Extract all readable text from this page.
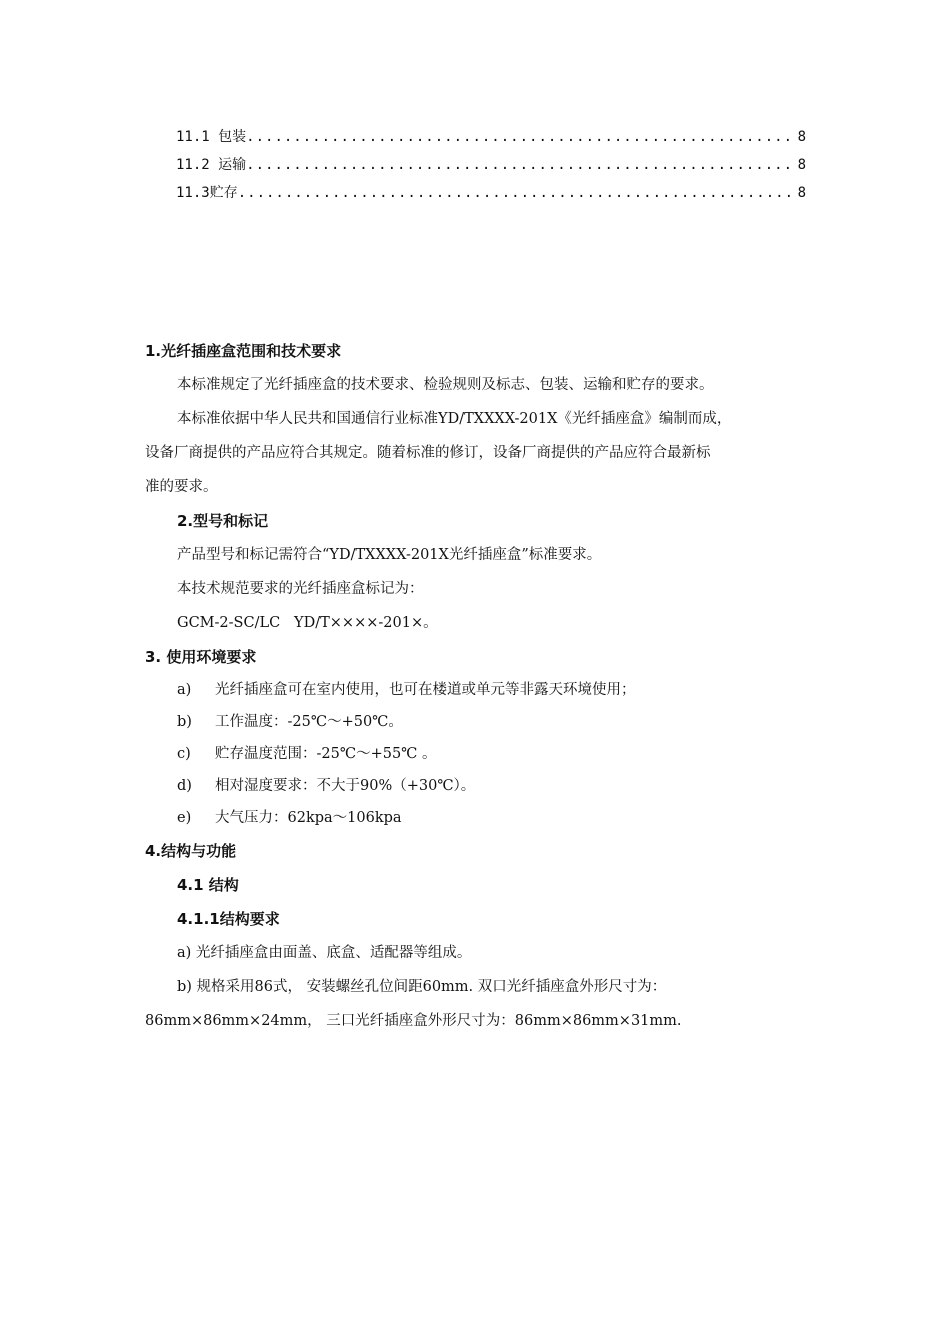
11.1 包装 .....	8
11.2 运输 .....	8
11.3贮存 .....	8
1.光纤插座盒范围和技术要求
本标准规定了光纤插座盒的技术要求、检验规则及标志、包装、运输和贮存的要求。
本标准依据中华人民共和国通信行业标准YD/TXXXX-201X《光纤插座盒》编制而成，
设备厂商提供的产品应符合其规定。随着标准的修订，设备厂商提供的产品应符合最新标
准的要求。
2.型号和标记
产品型号和标记需符合“YD/TXXXX-201X光纤插座盒”标准要求。
本技术规范要求的光纤插座盒标记为：
GCM-2-SC/LC   YD/T××××-201×。
3. 使用环境要求
a)	光纤插座盒可在室内使用，也可在楼道或单元等非露天环境使用；
b)	工作温度：-25℃～+50℃。
c)	贮存温度范围：-25℃～+55℃ 。
d)	相对湿度要求：不大于90%（+30℃）。
e)	大气压力：62kpa～106kpa
4.结构与功能
4.1 结构
4.1.1结构要求
a) 光纤插座盒由面盖、底盒、适配器等组成。
b) 规格采用86式， 安装螺丝孔位间距60mm. 双口光纤插座盒外形尺寸为：
86mm×86mm×24mm， 三口光纤插座盒外形尺寸为：86mm×86mm×31mm.
